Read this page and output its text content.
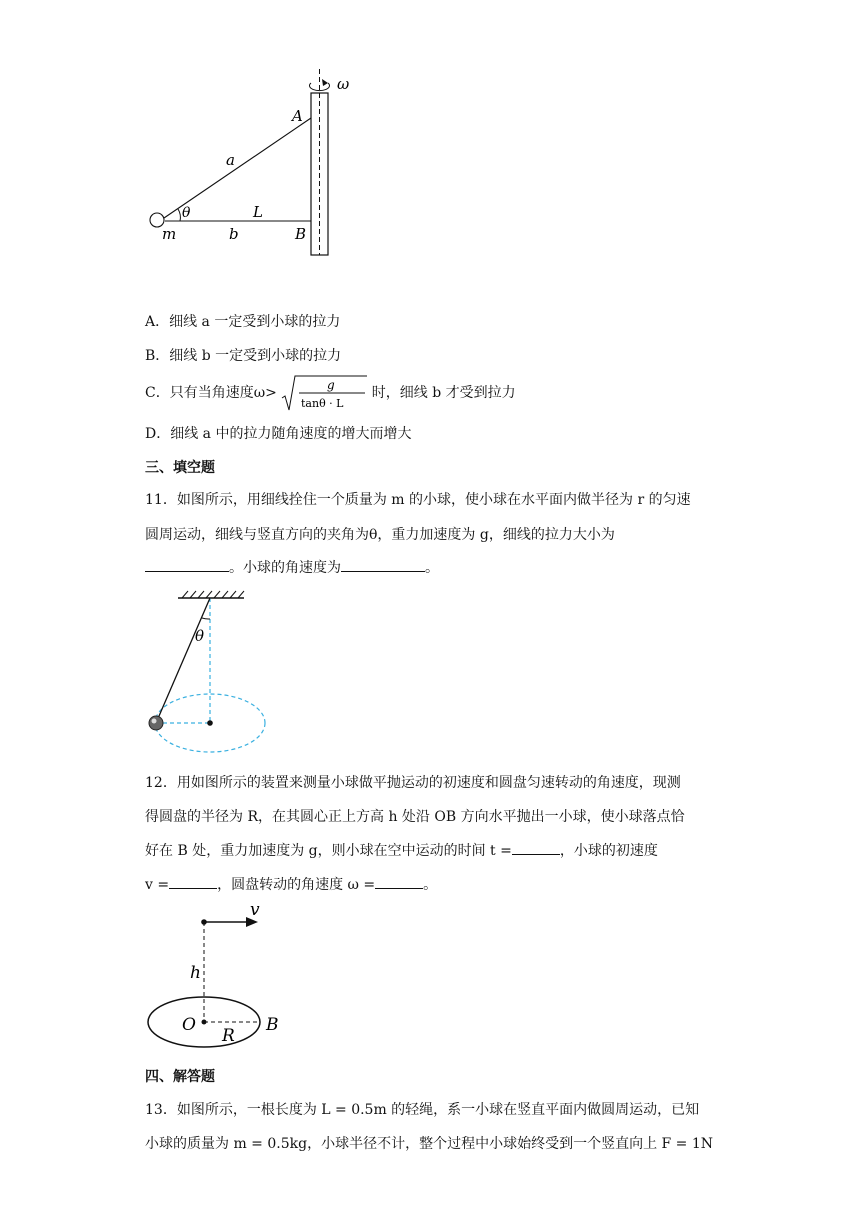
ω
A
a
θ	L
m	b	B
A．细线 a 一定受到小球的拉力
B．细线 b 一定受到小球的拉力
C．只有当角速度ω>	g
tanθ · L
时，细线 b 才受到拉力
D．细线 a 中的拉力随角速度的增大而增大
三、填空题
11．如图所示，用细线拴住一个质量为 m 的小球，使小球在水平面内做半径为 r 的匀速
圆周运动，细线与竖直方向的夹角为θ，重力加速度为 g，细线的拉力大小为
。小球的角速度为	。
θ
12．用如图所示的装置来测量小球做平抛运动的初速度和圆盘匀速转动的角速度，现测
得圆盘的半径为 R，在其圆心正上方高 h 处沿 OB 方向水平抛出一小球，使小球落点恰
好在 B 处，重力加速度为 g，则小球在空中运动的时间 t =	，小球的初速度
v =	，圆盘转动的角速度 ω =	。
v
h
O
R
B
四、解答题
13．如图所示，一根长度为 L = 0.5m 的轻绳，系一小球在竖直平面内做圆周运动，已知
小球的质量为 m = 0.5kg，小球半径不计，整个过程中小球始终受到一个竖直向上 F = 1N
